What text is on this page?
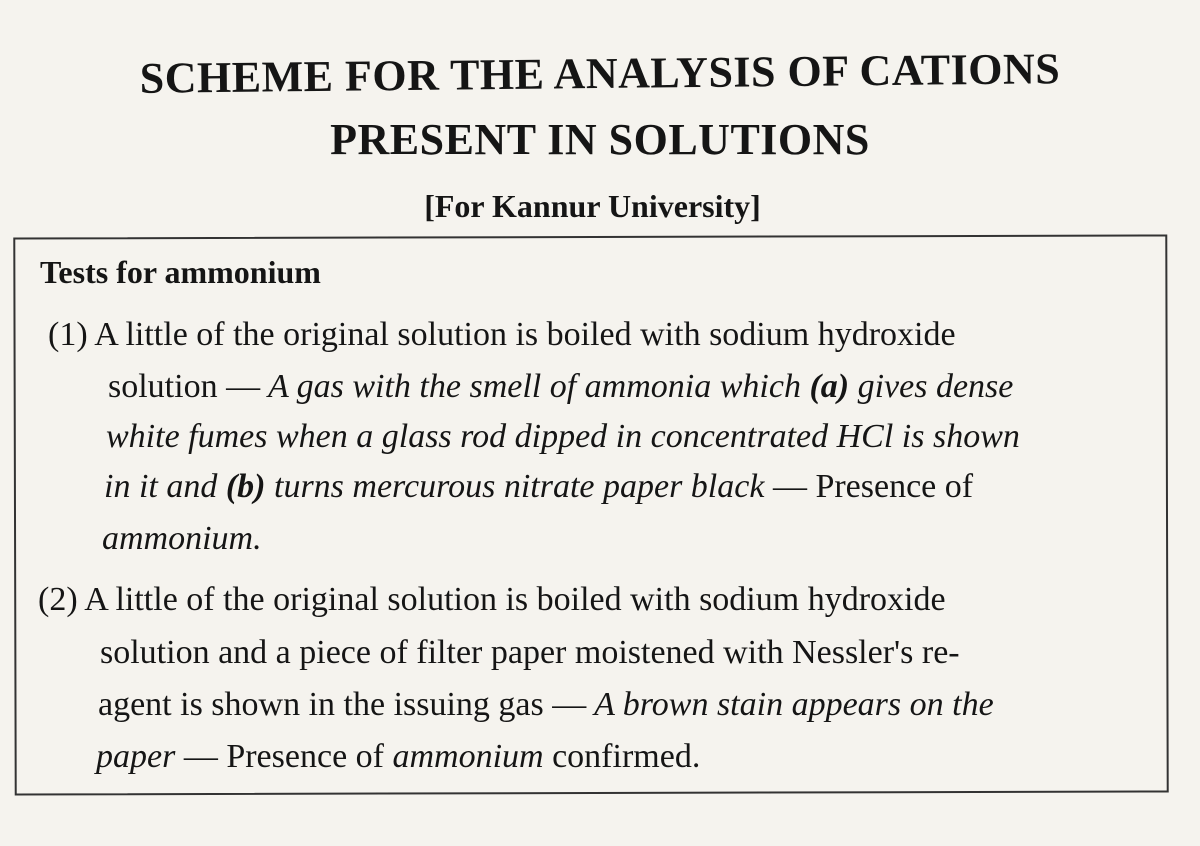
SCHEME FOR THE ANALYSIS OF CATIONS
PRESENT IN SOLUTIONS

[For Kannur University]

Tests for ammonium

(1) A little of the original solution is boiled with sodium hydroxide

solution — A gas with the smell of ammonia which (a) gives dense

white fumes when a glass rod dipped in concentrated HCl is shown

in it and (b) turns mercurous nitrate paper black — Presence of

ammonium.

(2) A little of the original solution is boiled with sodium hydroxide

solution and a piece of filter paper moistened with Nessler's re-

agent is shown in the issuing gas — A brown stain appears on the

paper — Presence of ammonium confirmed.
